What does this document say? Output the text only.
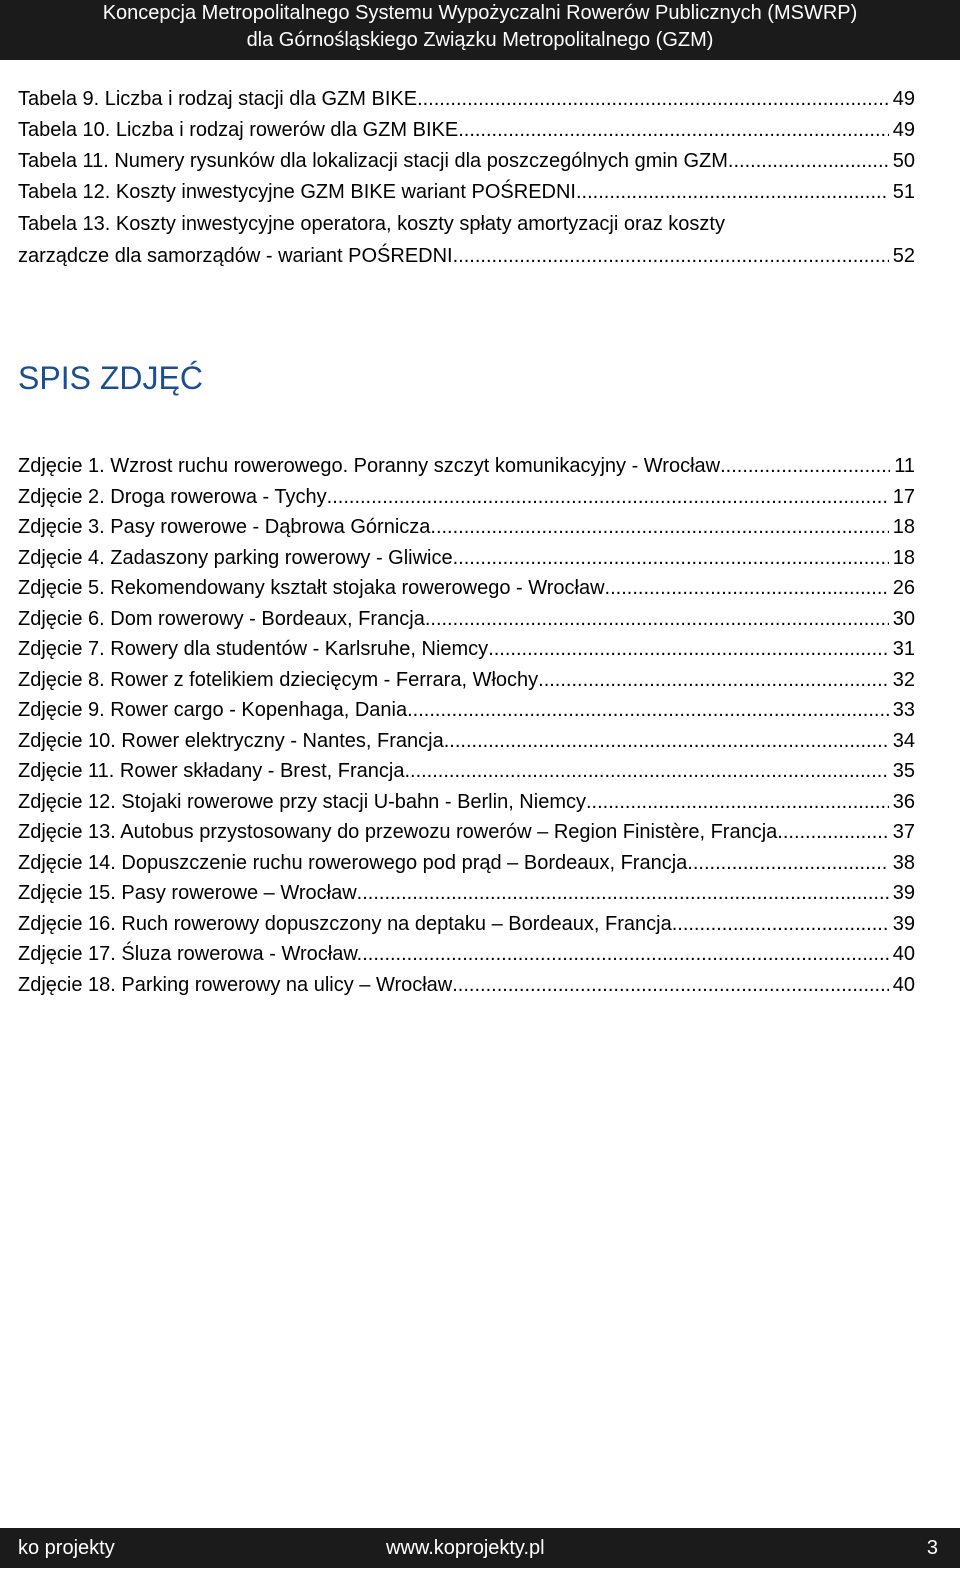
Koncepcja Metropolitalnego Systemu Wypożyczalni Rowerów Publicznych (MSWRP)
dla Górnośląskiego Związku Metropolitalnego (GZM)
Tabela 9. Liczba i rodzaj stacji dla GZM BIKE .....	49
Tabela 10. Liczba i rodzaj rowerów dla GZM BIKE .....	49
Tabela 11. Numery rysunków dla lokalizacji stacji dla poszczególnych gmin GZM .....	50
Tabela 12. Koszty inwestycyjne GZM BIKE wariant POŚREDNI .....	51
Tabela 13. Koszty inwestycyjne operatora, koszty spłaty amortyzacji oraz koszty
zarządcze dla samorządów - wariant POŚREDNI .....	52
SPIS ZDJĘĆ
Zdjęcie 1. Wzrost ruchu rowerowego. Poranny szczyt komunikacyjny - Wrocław .....	11
Zdjęcie 2. Droga rowerowa - Tychy .....	17
Zdjęcie 3. Pasy rowerowe - Dąbrowa Górnicza .....	18
Zdjęcie 4. Zadaszony parking rowerowy - Gliwice .....	18
Zdjęcie 5. Rekomendowany kształt stojaka rowerowego - Wrocław .....	26
Zdjęcie 6. Dom rowerowy - Bordeaux, Francja .....	30
Zdjęcie 7. Rowery dla studentów - Karlsruhe, Niemcy .....	31
Zdjęcie 8. Rower z fotelikiem dziecięcym - Ferrara, Włochy .....	32
Zdjęcie 9. Rower cargo - Kopenhaga, Dania .....	33
Zdjęcie 10. Rower elektryczny - Nantes, Francja. .....	34
Zdjęcie 11. Rower składany - Brest, Francja .....	35
Zdjęcie 12. Stojaki rowerowe przy stacji U-bahn - Berlin, Niemcy .....	36
Zdjęcie 13. Autobus przystosowany do przewozu rowerów – Region Finistère, Francja. .....	37
Zdjęcie 14. Dopuszczenie ruchu rowerowego pod prąd – Bordeaux, Francja .....	38
Zdjęcie 15. Pasy rowerowe – Wrocław .....	39
Zdjęcie 16. Ruch rowerowy dopuszczony na deptaku – Bordeaux, Francja .....	39
Zdjęcie 17. Śluza rowerowa - Wrocław. .....	40
Zdjęcie 18. Parking rowerowy na ulicy – Wrocław .....	40
ko projekty	www.koprojekty.pl	3
